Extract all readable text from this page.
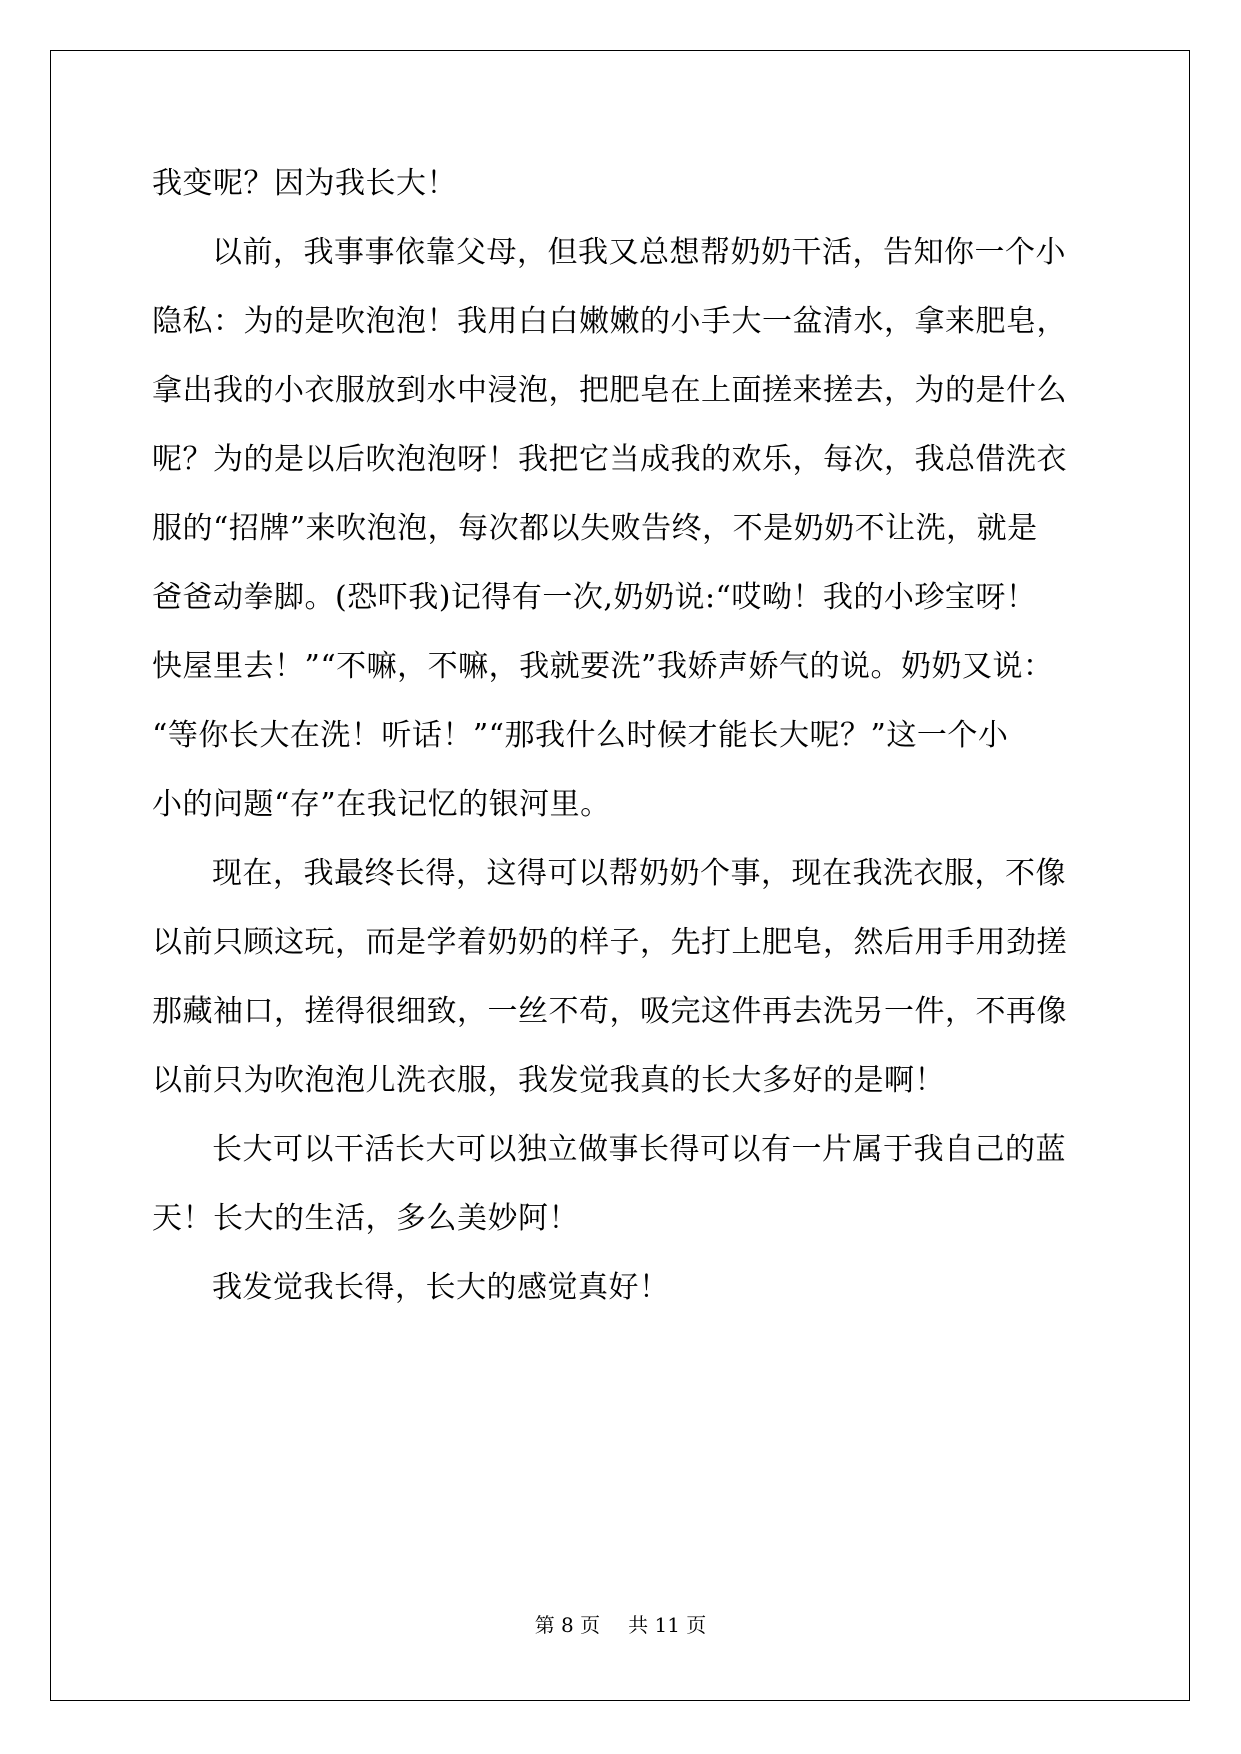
我变呢？因为我长大！
以前，我事事依靠父母，但我又总想帮奶奶干活，告知你一个小
隐私：为的是吹泡泡！我用白白嫩嫩的小手大一盆清水，拿来肥皂，
拿出我的小衣服放到水中浸泡，把肥皂在上面搓来搓去，为的是什么
呢？为的是以后吹泡泡呀！我把它当成我的欢乐，每次，我总借洗衣
服的“招牌”来吹泡泡，每次都以失败告终，不是奶奶不让洗，就是
爸爸动拳脚。(恐吓我)记得有一次,奶奶说:“哎呦！我的小珍宝呀！
快屋里去！”“不嘛，不嘛，我就要洗”我娇声娇气的说。奶奶又说：
“等你长大在洗！听话！”“那我什么时候才能长大呢？”这一个小
小的问题“存”在我记忆的银河里。
现在，我最终长得，这得可以帮奶奶个事，现在我洗衣服，不像
以前只顾这玩，而是学着奶奶的样子，先打上肥皂，然后用手用劲搓
那藏袖口，搓得很细致，一丝不苟，吸完这件再去洗另一件，不再像
以前只为吹泡泡儿洗衣服，我发觉我真的长大多好的是啊！
长大可以干活长大可以独立做事长得可以有一片属于我自己的蓝
天！长大的生活，多么美妙阿！
我发觉我长得，长大的感觉真好！
第 8 页 共 11 页
